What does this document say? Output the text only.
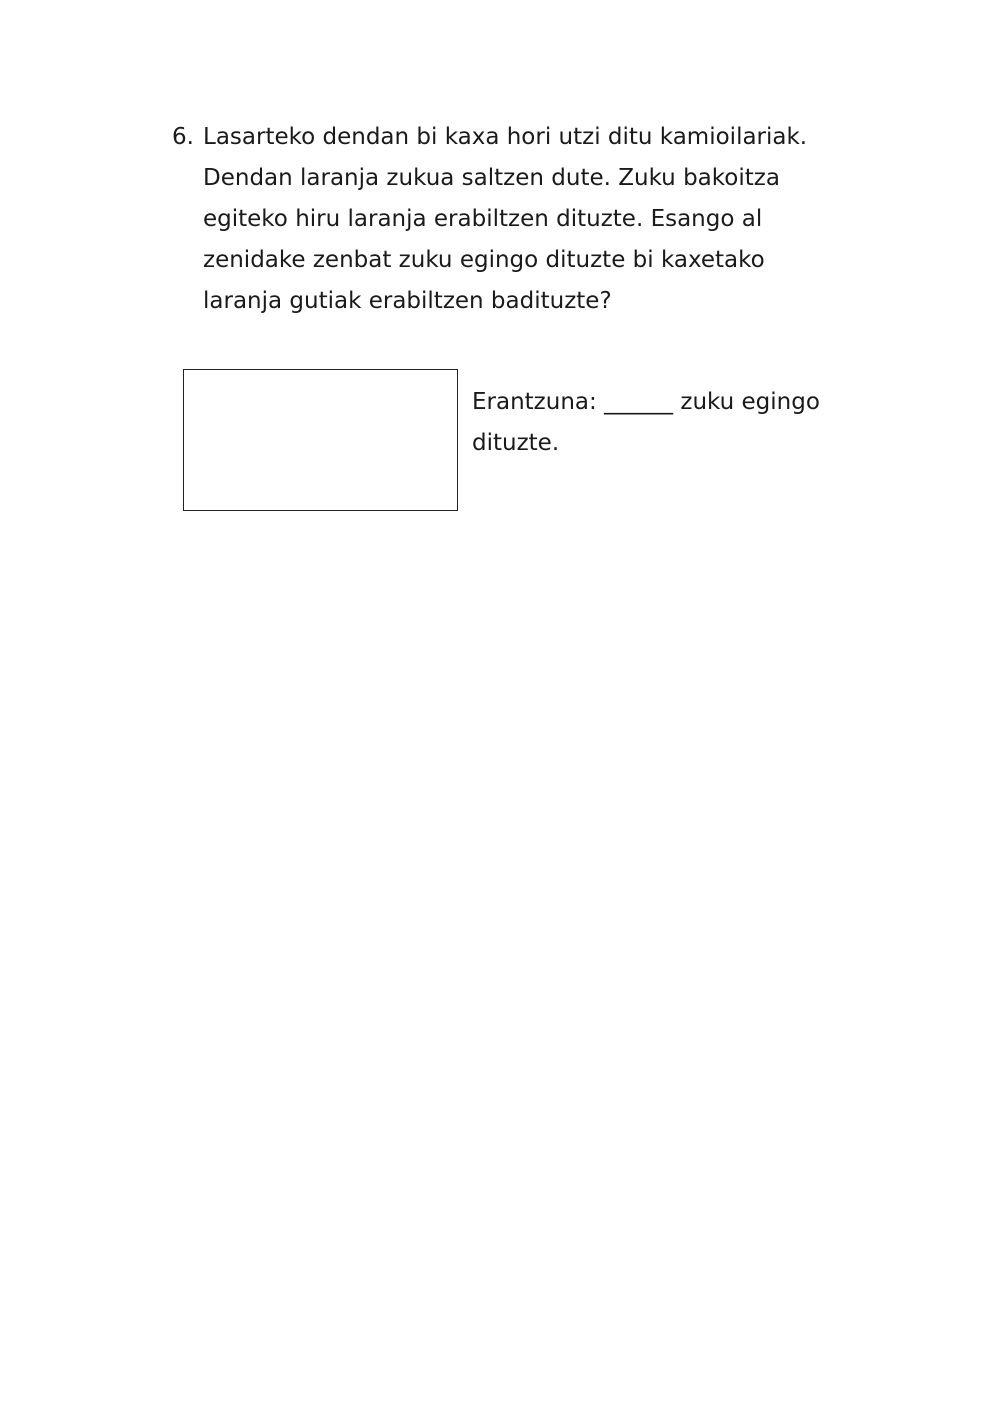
6. Lasarteko dendan bi kaxa hori utzi ditu kamioilariak.
Dendan laranja zukua saltzen dute. Zuku bakoitza
egiteko hiru laranja erabiltzen dituzte. Esango al
zenidake zenbat zuku egingo dituzte bi kaxetako
laranja gutiak erabiltzen badituzte?
Erantzuna: ______ zuku egingo
dituzte.
